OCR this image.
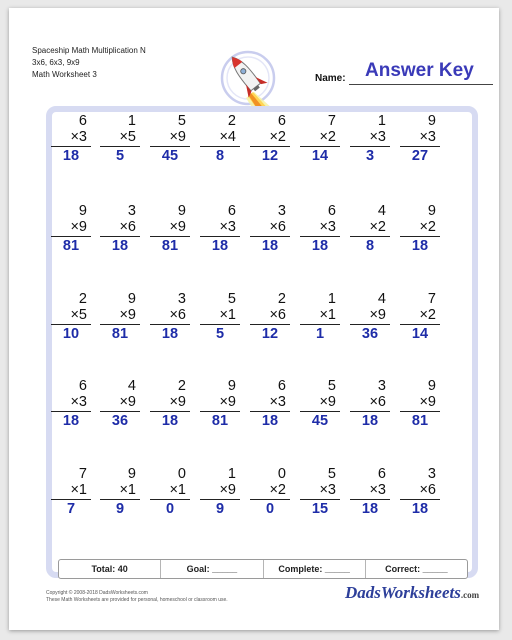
Spaceship Math Multiplication N
3x6, 6x3, 9x9
Math Worksheet 3	Name: Answer Key
6
×3
18
1
×5
5
5
×9
45
2
×4
8
6
×2
12
7
×2
14
1
×3
3
9
×3
27
9
×9
81
3
×6
18
9
×9
81
6
×3
18
3
×6
18
6
×3
18
4
×2
8
9
×2
18
2
×5
10
9
×9
81
3
×6
18
5
×1
5
2
×6
12
1
×1
1
4
×9
36
7
×2
14
6
×3
18
4
×9
36
2
×9
18
9
×9
81
6
×3
18
5
×9
45
3
×6
18
9
×9
81
7
×1
7
9
×1
9
0
×1
0
1
×9
9
0
×2
0
5
×3
15
6
×3
18
3
×6
18
Total: 40	Goal: _____	Complete: _____	Correct: _____
Copyright © 2008-2018 DadsWorksheets.com
These Math Worksheets are provided for personal, homeschool or classroom use.	DadsWorksheets.com
